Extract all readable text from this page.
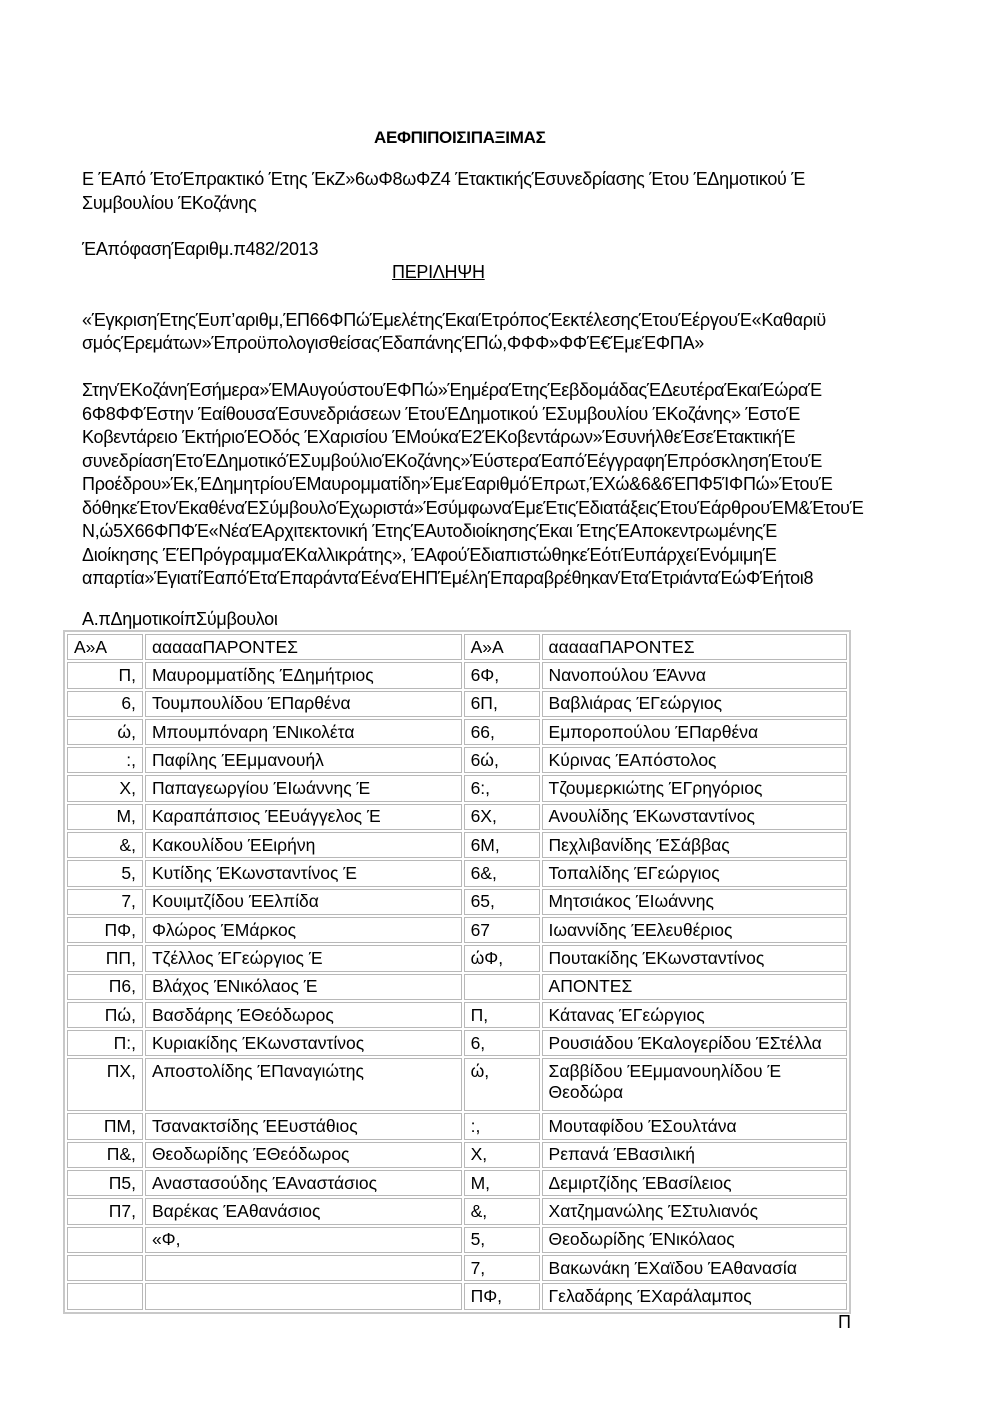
ΑΕΦΠΙΠΟΙΣΙΠΑΞΙΜΑΣ
Ε ΈΑπό ΈτοΈπρακτικό Έτης ΈκΖ»6ωΦ8ωΦΖ4 ΈτακτικήςΈσυνεδρίασης Έτου ΈΔημοτικού Έ
Συμβουλίου ΈΚοζάνης
ΈΑπόφασηΈαριθμ.π482/2013
ΠΕΡΙΛΗΨΗ
«ΈγκρισηΈτηςΈυπ’αριθμ,ΈΠ66ΦΠώΈμελέτηςΈκαιΈτρόποςΈεκτέλεσηςΈτουΈέργουΈ«Καθαριϋ
σμόςΈρεμάτων»ΈπροϋπολογισθείσαςΈδαπάνηςΈΠώ,ΦΦΦ»ΦΦΈ€ΈμεΈΦΠΑ»
ΣτηνΈΚοζάνηΈσήμερα»ΈΜΑυγούστουΈΦΠώ»ΈημέραΈτηςΈεβδομάδαςΈΔευτέραΈκαιΈώραΈ
6Φ8ΦΦΈστην ΈαίθουσαΈσυνεδριάσεων ΈτουΈΔημοτικού ΈΣυμβουλίου ΈΚοζάνης» ΈστοΈ
Κοβεντάρειο ΈκτήριοΈΟδός ΈΧαρισίου ΈΜούκαΈ2ΈΚοβεντάρων»ΈσυνήλθεΈσεΈτακτικήΈ
συνεδρίασηΈτοΈΔημοτικόΈΣυμβούλιοΈΚοζάνης»ΈύστεραΈαπόΈέγγραφηΈπρόσκλησηΈτουΈ
Προέδρου»Έκ,ΈΔημητρίουΈΜαυρομματίδη»ΈμεΈαριθμόΈπρωτ,ΈΧώ&6&6ΈΠΦ5ΊΦΠώ»ΈτουΈ
δόθηκεΈτονΈκαθέναΈΣύμβουλοΈχωριστά»ΈσύμφωναΈμεΈτιςΈδιατάξειςΈτουΈάρθρουΈΜ&ΈτουΈ
Ν,ώ5Χ66ΦΠΦΈ«ΝέαΈΑρχιτεκτονική ΈτηςΈΑυτοδιοίκησηςΈκαι ΈτηςΈΑποκεντρωμένηςΈ
Διοίκησης ΈΈΠρόγραμμαΈΚαλλικράτης», ΈΑφούΈδιαπιστώθηκεΈότιΈυπάρχειΈνόμιμηΈ
απαρτία»ΈγιατίΈαπόΈταΈπαράνταΈέναΈΗΠΈμέληΈπαραβρέθηκανΈταΈτριάνταΈώΦΈήτοι8
Α.πΔημοτικοίπΣύμβουλοι
Α»Α	αααααΠΑΡΟΝΤΕΣ	Α»Α	αααααΠΑΡΟΝΤΕΣ
Π,	Μαυρομματίδης ΈΔημήτριος	6Φ,	Νανοπούλου ΈΆννα
6,	Τουμπουλίδου ΈΠαρθένα	6Π,	Βαβλιάρας ΈΓεώργιος
ώ,	Μπουμπόναρη ΈΝικολέτα	66,	Εμπορoπούλου ΈΠαρθένα
:,	Παφίλης ΈΕμμανουήλ	6ώ,	Κύρινας ΈΑπόστολος
Χ,	Παπαγεωργίου ΈΙωάννης Έ	6:,	Τζουμερκιώτης ΈΓρηγόριος
Μ,	Καραπάπσιος ΈΕυάγγελος Έ	6Χ,	Ανουλίδης ΈΚωνσταντίνος
&,	Κακουλίδου ΈΕιρήνη	6Μ,	Πεχλιβανίδης ΈΣάββας
5,	Κυτίδης ΈΚωνσταντίνος Έ	6&,	Τοπαλίδης ΈΓεώργιος
7,	Κουιμτζίδου ΈΕλπίδα	65,	Μητσιάκος ΈΙωάννης
ΠΦ,	Φλώρος ΈΜάρκος	67	Ιωαννίδης ΈΕλευθέριος
ΠΠ,	Τζέλλος ΈΓεώργιος Έ	ώΦ,	Πουτακίδης ΈΚωνσταντίνος
Π6,	Βλάχος ΈΝικόλαος Έ		ΑΠΟΝΤΕΣ
Πώ,	Βασδάρης ΈΘεόδωρος	Π,	Κάτανας ΈΓεώργιος
Π:,	Κυριακίδης ΈΚωνσταντίνος	6,	Ρουσιάδου ΈΚαλογερίδου ΈΣτέλλα
ΠΧ,	Αποστολίδης ΈΠαναγιώτης	ώ,	Σαββίδου ΈΕμμανουηλίδου Έ Θεοδώρα
ΠΜ,	Τσανακτσίδης ΈΕυστάθιος	:,	Μουταφίδου ΈΣουλτάνα
Π&,	Θεοδωρίδης ΈΘεόδωρος	Χ,	Ρεπανά ΈΒασιλική
Π5,	Αναστασούδης ΈΑναστάσιος	Μ,	Δεμιρτζίδης ΈΒασίλειος
Π7,	Βαρέκας ΈΑθανάσιος	&,	Χατζημανώλης ΈΣτυλιανός
	«Φ,	5,	Θεοδωρίδης ΈΝικόλαος
		7,	Βακωνάκη ΈΧαϊδου ΈΑθανασία
		ΠΦ,	Γελαδάρης ΈΧαράλαμπος
Π
